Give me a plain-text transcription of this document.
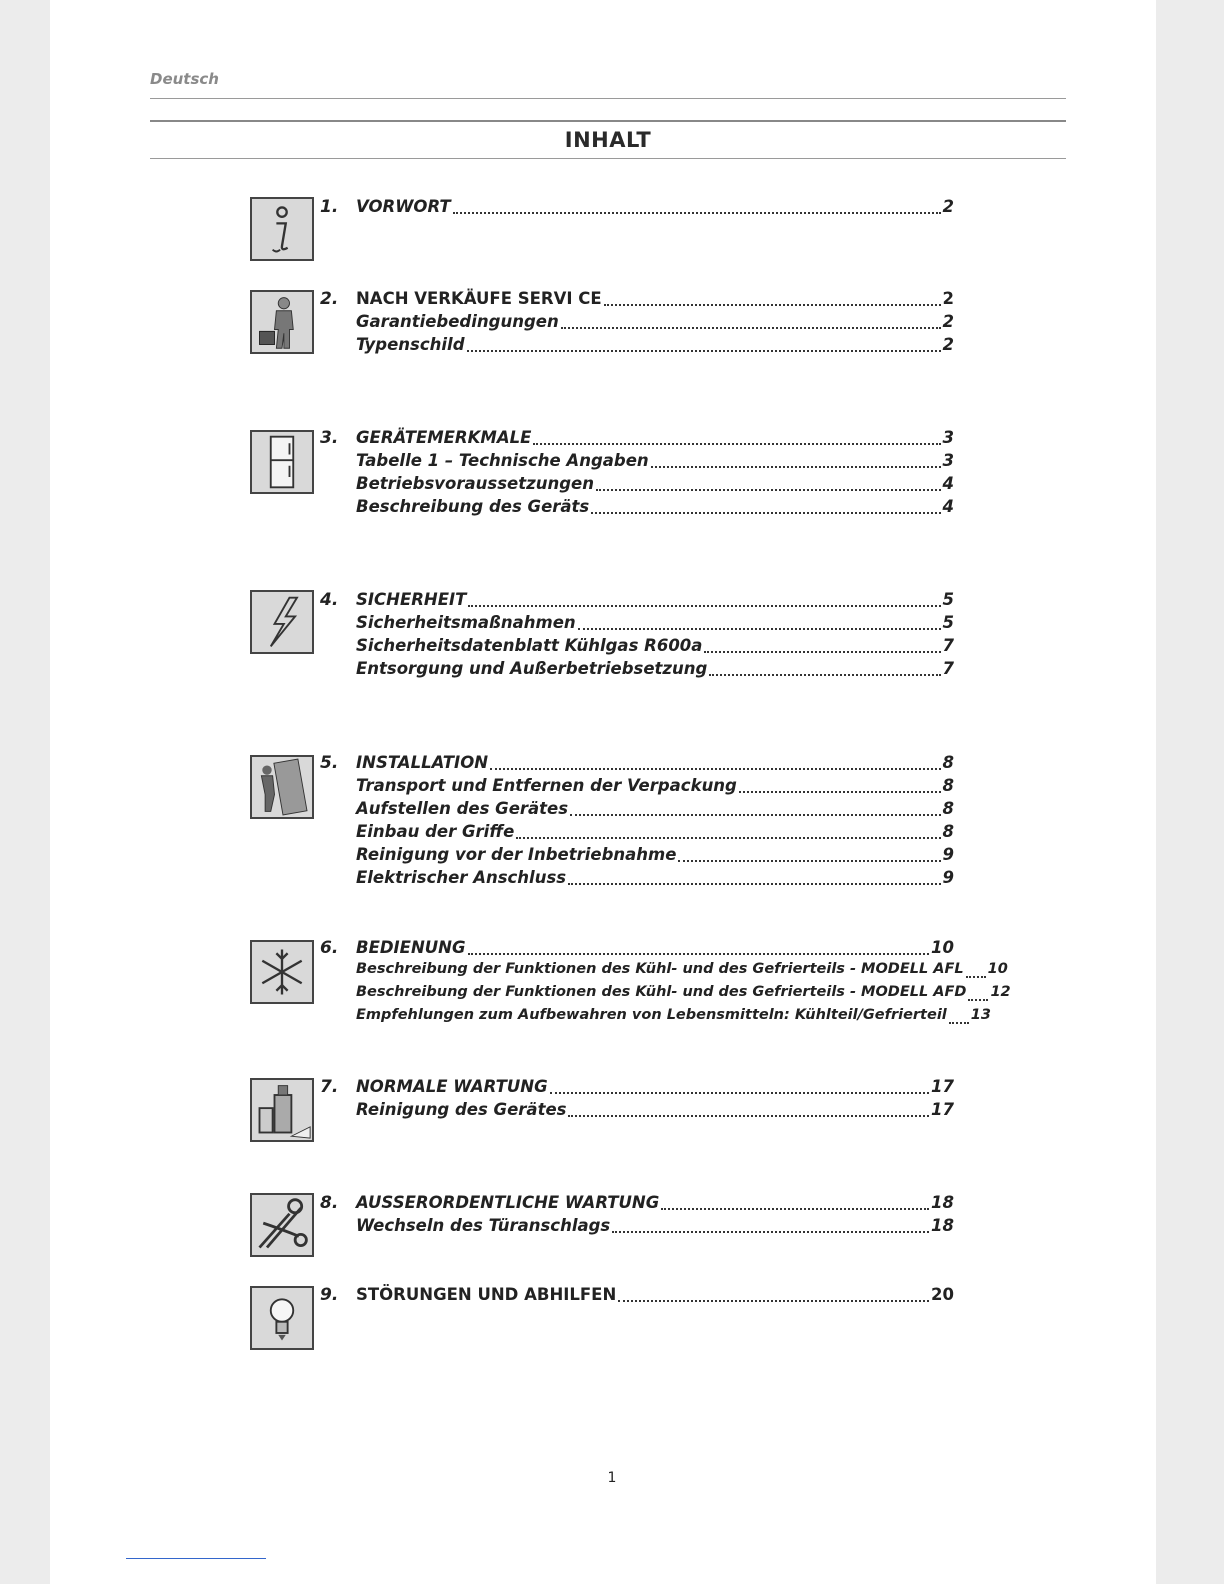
Deutsch
INHALT
1. VORWORT	2
2. NACH VERKÄUFE SERVI CE	2
Garantiebedingungen	2
Typenschild	2
3. GERÄTEMERKMALE	3
Tabelle 1 – Technische Angaben	3
Betriebsvoraussetzungen	4
Beschreibung des Geräts	4
4. SICHERHEIT	5
Sicherheitsmaßnahmen	5
Sicherheitsdatenblatt Kühlgas R600a	7
Entsorgung und Außerbetriebsetzung	7
5. INSTALLATION	8
Transport und Entfernen der Verpackung	8
Aufstellen des Gerätes	8
Einbau der Griffe	8
Reinigung vor der Inbetriebnahme	9
Elektrischer Anschluss	9
6. BEDIENUNG	10
Beschreibung der Funktionen des Kühl- und des Gefrierteils - MODELL AFL 10
Beschreibung der Funktionen des Kühl- und des Gefrierteils - MODELL AFD 12
Empfehlungen zum Aufbewahren von Lebensmitteln: Kühlteil/Gefrierteil 13
7. NORMALE WARTUNG	17
Reinigung des Gerätes	17
8. AUSSERORDENTLICHE WARTUNG	18
Wechseln des Türanschlags	18
9. STÖRUNGEN UND ABHILFEN	20
1
